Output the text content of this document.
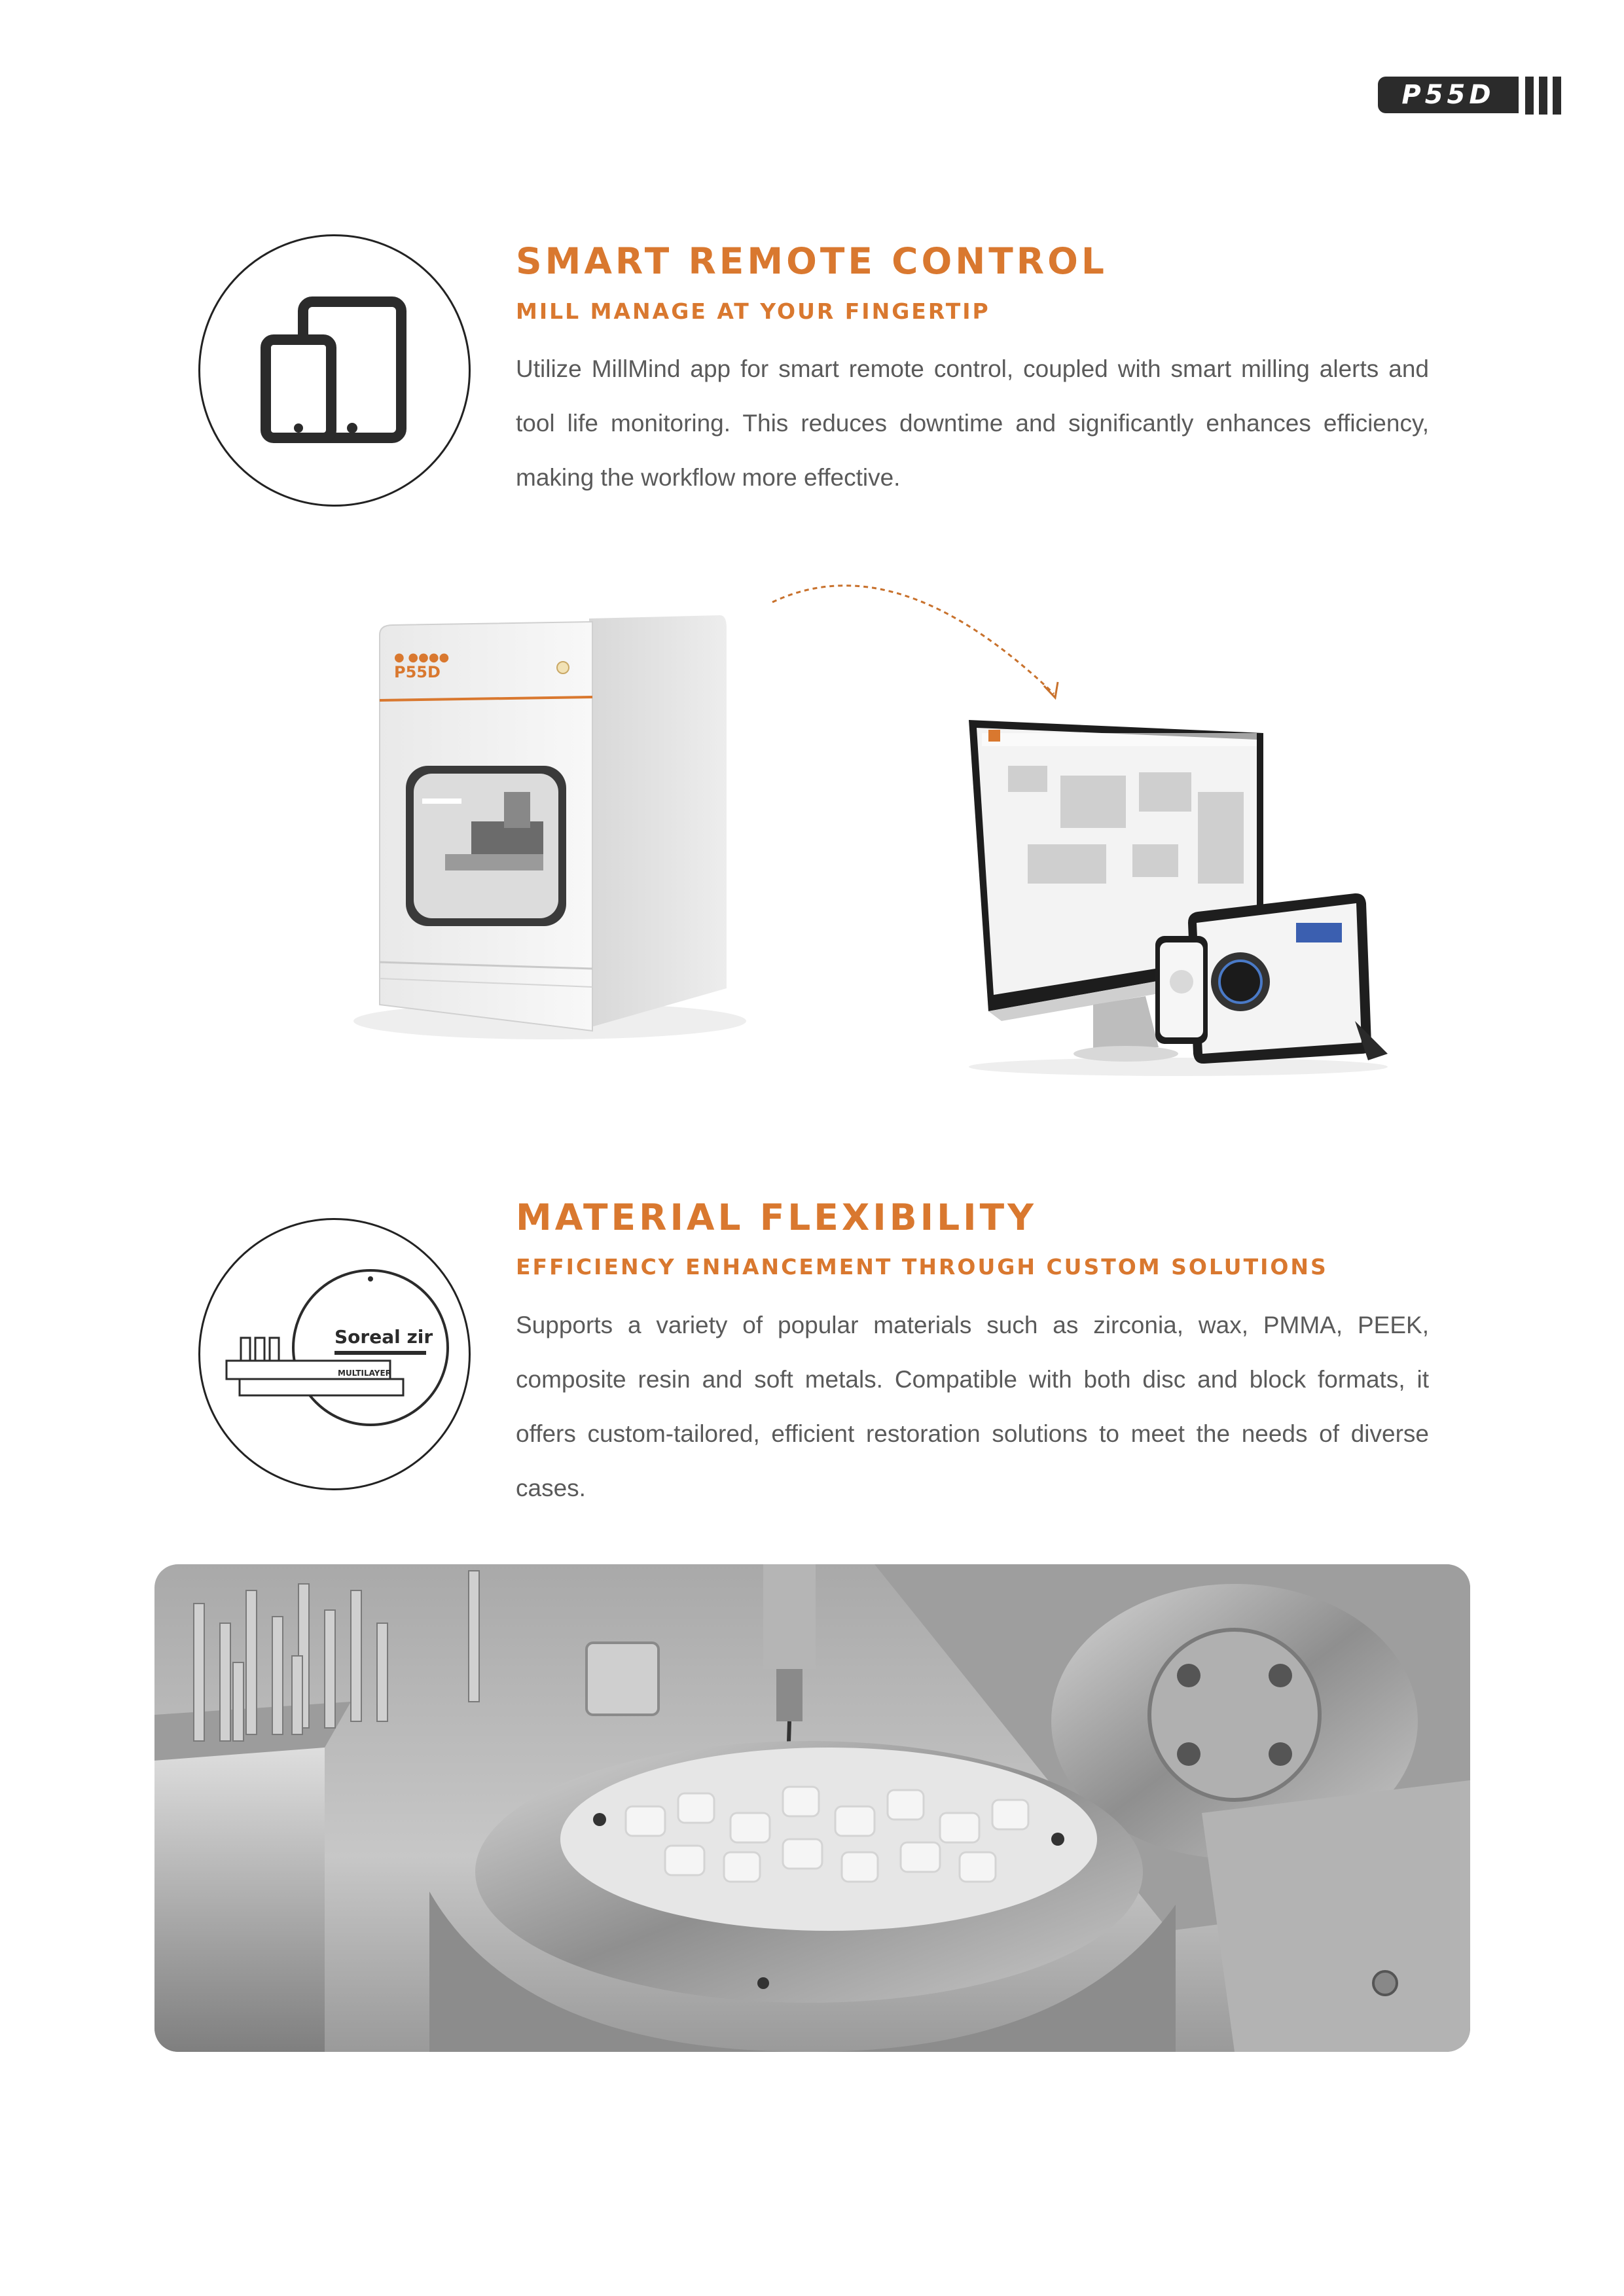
P55D
SMART REMOTE CONTROL
MILL MANAGE AT YOUR FINGERTIP
Utilize MillMind app for smart remote control, coupled with smart milling alerts and tool life monitoring. This reduces downtime and significantly enhances efficiency, making the workflow more effective.
● ●●●●
P55D
Soreal zir
MULTILAYER
MATERIAL FLEXIBILITY
EFFICIENCY ENHANCEMENT THROUGH CUSTOM SOLUTIONS
Supports a variety of popular materials such as zirconia, wax, PMMA, PEEK, composite resin and soft metals. Compatible with both disc and block formats, it offers custom-tailored, efficient restoration solutions to meet the needs of diverse cases.
